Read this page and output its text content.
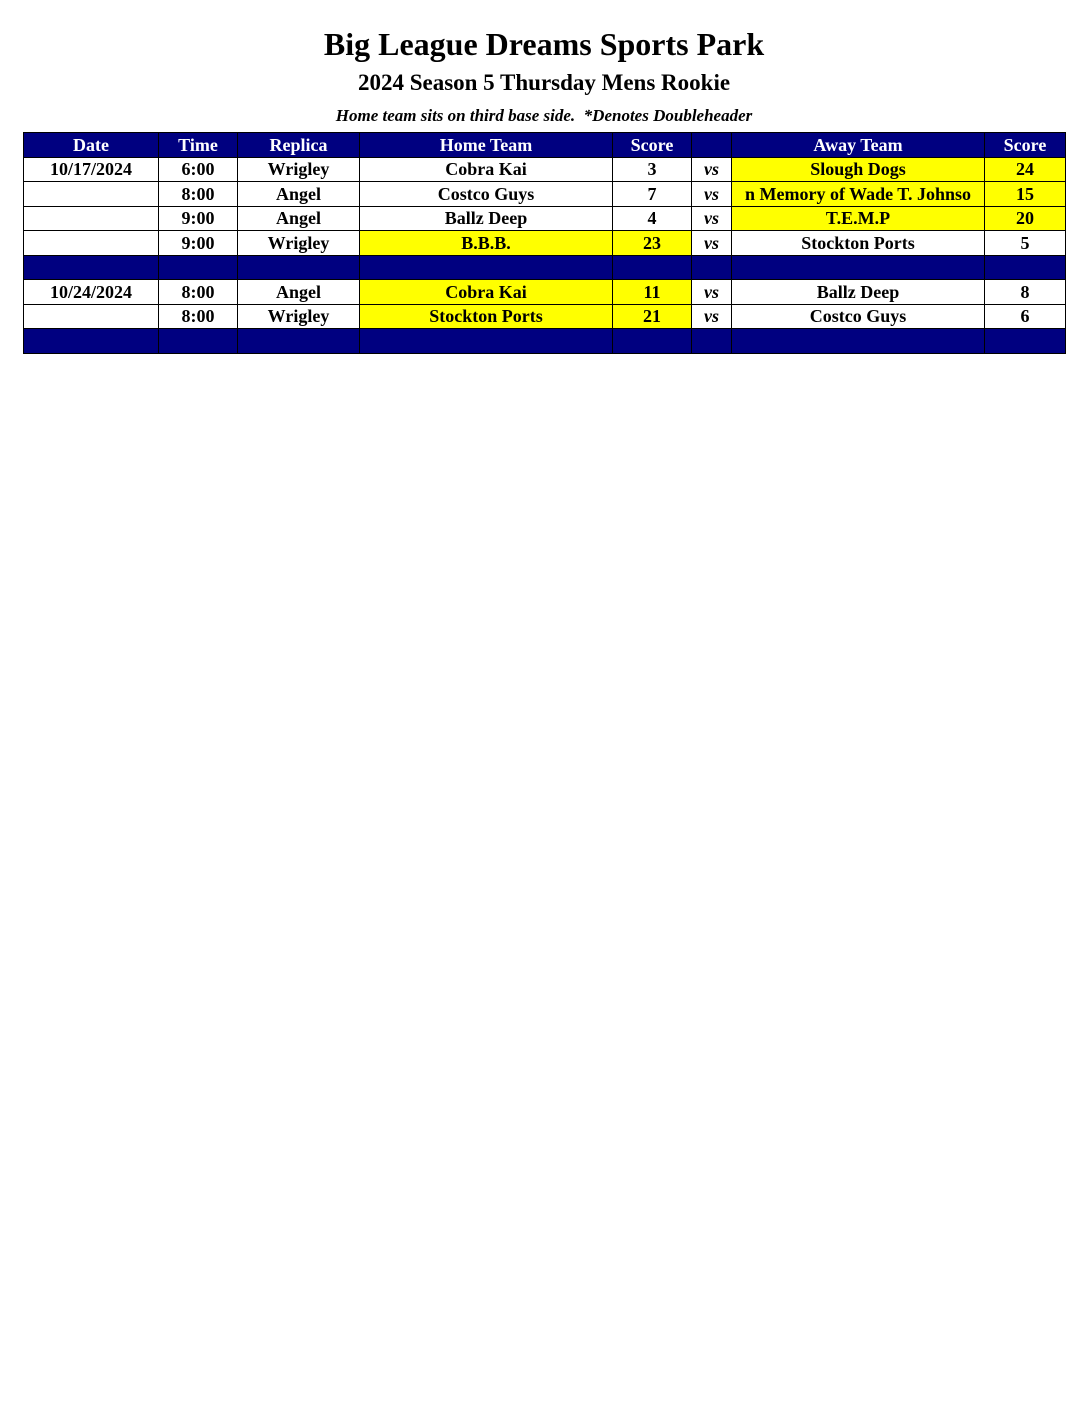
Big League Dreams Sports Park
2024 Season 5 Thursday Mens Rookie
Home team sits on third base side.  *Denotes Doubleheader
Date	Time	Replica	Home Team	Score		Away Team	Score
10/17/2024	6:00	Wrigley	Cobra Kai	3	vs	Slough Dogs	24
	8:00	Angel	Costco Guys	7	vs	n Memory of Wade T. Johnso	15
	9:00	Angel	Ballz Deep	4	vs	T.E.M.P	20
	9:00	Wrigley	B.B.B.	23	vs	Stockton Ports	5

10/24/2024	8:00	Angel	Cobra Kai	11	vs	Ballz Deep	8
	8:00	Wrigley	Stockton Ports	21	vs	Costco Guys	6
